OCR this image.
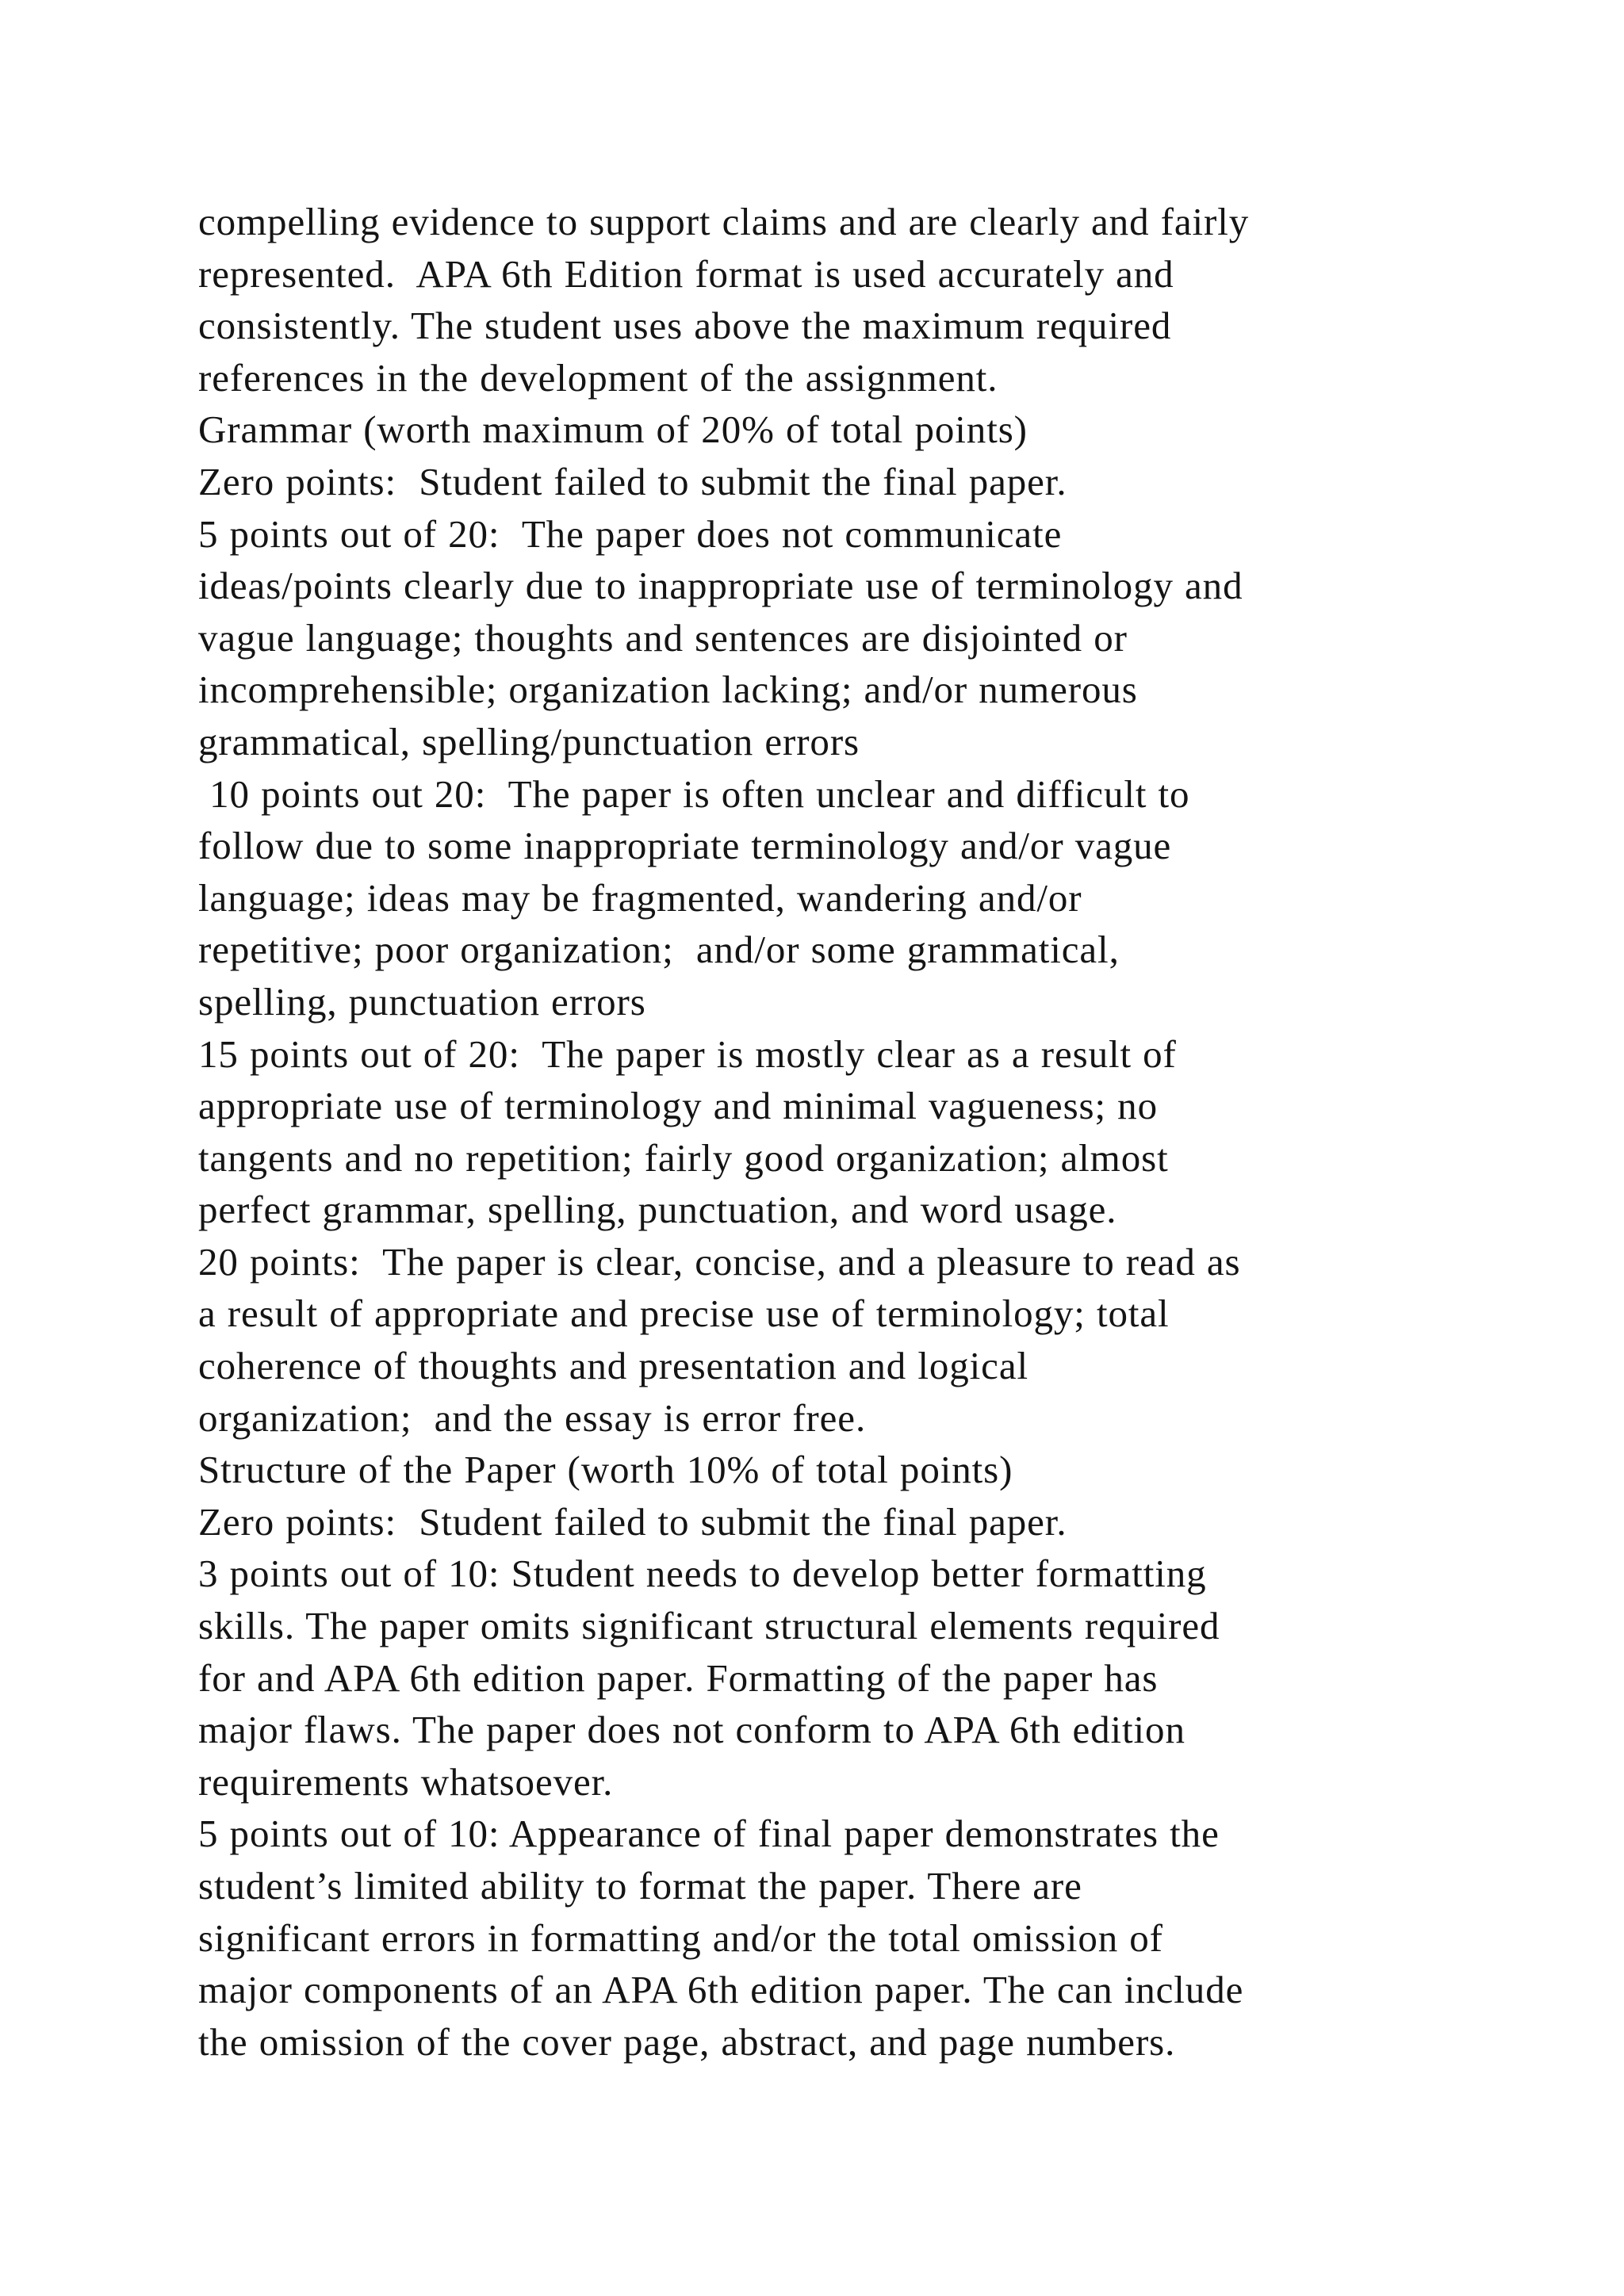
compelling evidence to support claims and are clearly and fairly
represented.  APA 6th Edition format is used accurately and
consistently. The student uses above the maximum required
references in the development of the assignment.
Grammar (worth maximum of 20% of total points)
Zero points:  Student failed to submit the final paper.
5 points out of 20:  The paper does not communicate
ideas/points clearly due to inappropriate use of terminology and
vague language; thoughts and sentences are disjointed or
incomprehensible; organization lacking; and/or numerous
grammatical, spelling/punctuation errors
10 points out 20:  The paper is often unclear and difficult to
follow due to some inappropriate terminology and/or vague
language; ideas may be fragmented, wandering and/or
repetitive; poor organization;  and/or some grammatical,
spelling, punctuation errors
15 points out of 20:  The paper is mostly clear as a result of
appropriate use of terminology and minimal vagueness; no
tangents and no repetition; fairly good organization; almost
perfect grammar, spelling, punctuation, and word usage.
20 points:  The paper is clear, concise, and a pleasure to read as
a result of appropriate and precise use of terminology; total
coherence of thoughts and presentation and logical
organization;  and the essay is error free.
Structure of the Paper (worth 10% of total points)
Zero points:  Student failed to submit the final paper.
3 points out of 10: Student needs to develop better formatting
skills. The paper omits significant structural elements required
for and APA 6th edition paper. Formatting of the paper has
major flaws. The paper does not conform to APA 6th edition
requirements whatsoever.
5 points out of 10: Appearance of final paper demonstrates the
student’s limited ability to format the paper. There are
significant errors in formatting and/or the total omission of
major components of an APA 6th edition paper. The can include
the omission of the cover page, abstract, and page numbers.
